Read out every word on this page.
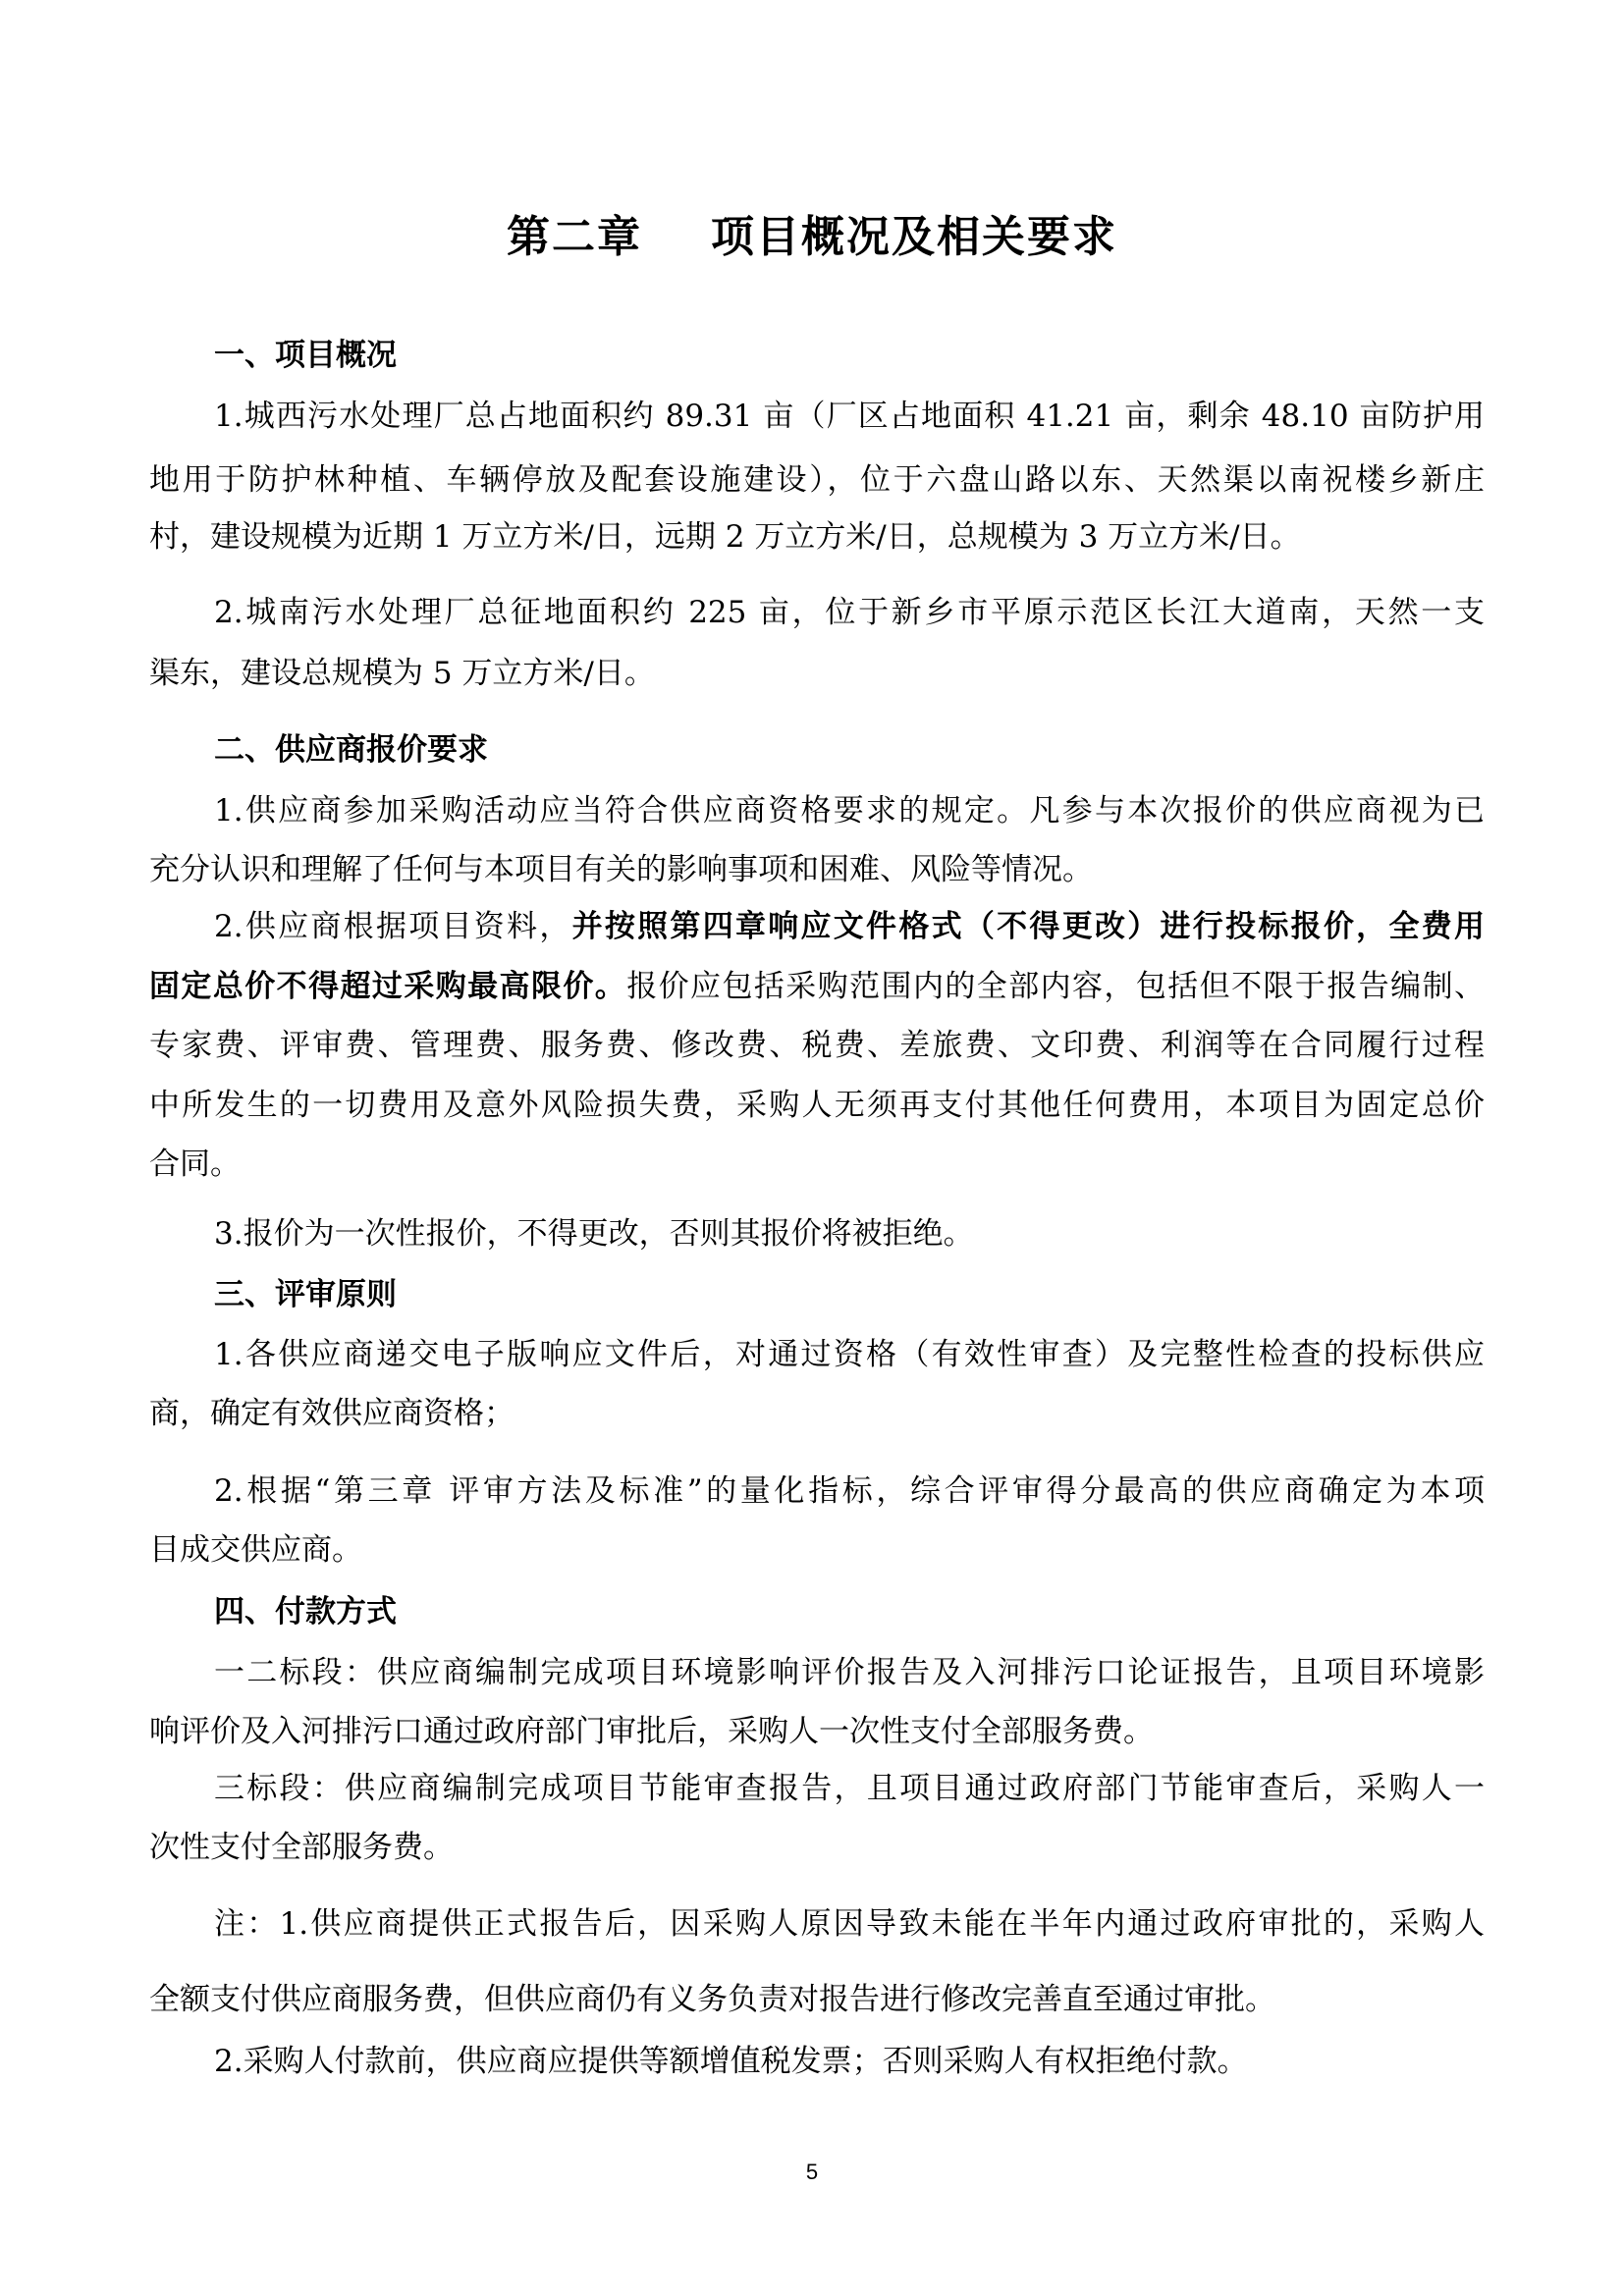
第二章 项目概况及相关要求
一、项目概况
1.城西污水处理厂总占地面积约 89.31 亩（厂区占地面积 41.21 亩，剩余 48.10 亩防护用
地用于防护林种植、车辆停放及配套设施建设），位于六盘山路以东、天然渠以南祝楼乡新庄
村，建设规模为近期 1 万立方米/日，远期 2 万立方米/日，总规模为 3 万立方米/日。
2.城南污水处理厂总征地面积约 225 亩，位于新乡市平原示范区长江大道南，天然一支
渠东，建设总规模为 5 万立方米/日。
二、供应商报价要求
1.供应商参加采购活动应当符合供应商资格要求的规定。凡参与本次报价的供应商视为已
充分认识和理解了任何与本项目有关的影响事项和困难、风险等情况。
2.供应商根据项目资料，并按照第四章响应文件格式（不得更改）进行投标报价，全费用
固定总价不得超过采购最高限价。报价应包括采购范围内的全部内容，包括但不限于报告编制、
专家费、评审费、管理费、服务费、修改费、税费、差旅费、文印费、利润等在合同履行过程
中所发生的一切费用及意外风险损失费，采购人无须再支付其他任何费用，本项目为固定总价
合同。
3.报价为一次性报价，不得更改，否则其报价将被拒绝。
三、评审原则
1.各供应商递交电子版响应文件后，对通过资格（有效性审查）及完整性检查的投标供应
商，确定有效供应商资格；
2.根据“第三章 评审方法及标准”的量化指标，综合评审得分最高的供应商确定为本项
目成交供应商。
四、付款方式
一二标段：供应商编制完成项目环境影响评价报告及入河排污口论证报告，且项目环境影
响评价及入河排污口通过政府部门审批后，采购人一次性支付全部服务费。
三标段：供应商编制完成项目节能审查报告，且项目通过政府部门节能审查后，采购人一
次性支付全部服务费。
注：1.供应商提供正式报告后，因采购人原因导致未能在半年内通过政府审批的，采购人
全额支付供应商服务费，但供应商仍有义务负责对报告进行修改完善直至通过审批。
2.采购人付款前，供应商应提供等额增值税发票；否则采购人有权拒绝付款。
5
